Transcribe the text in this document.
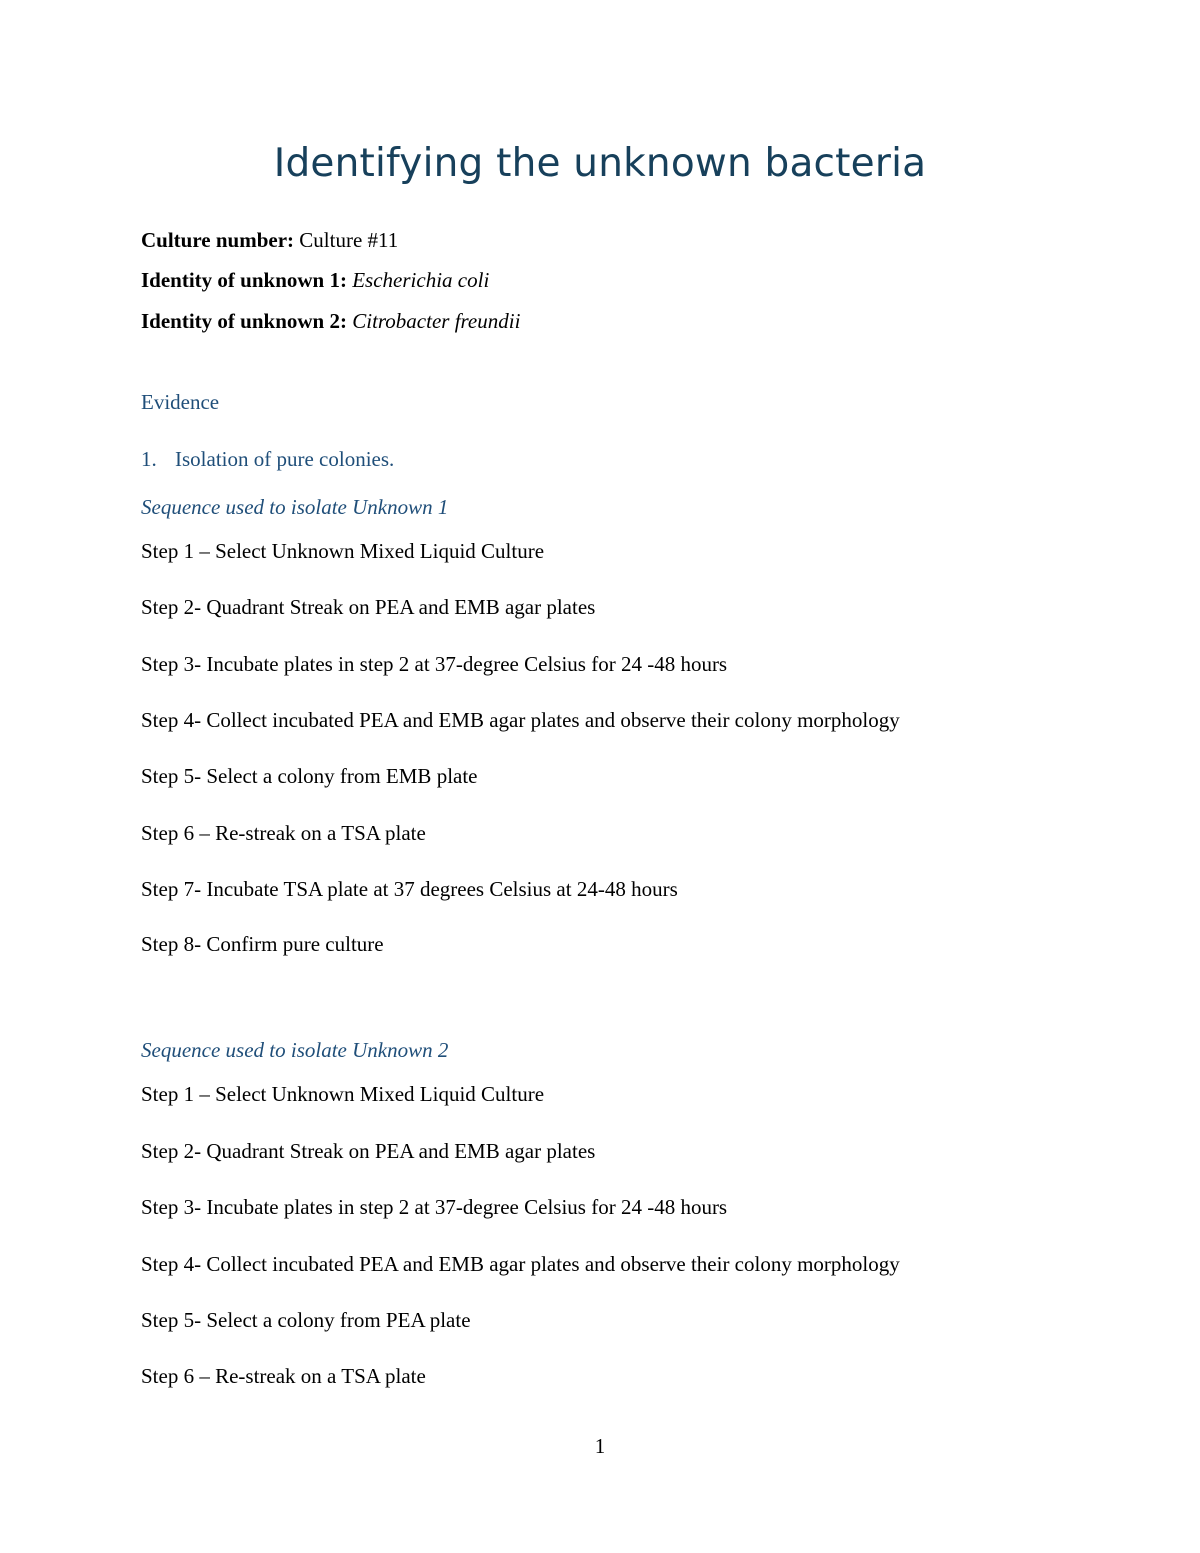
Identifying the unknown bacteria
Culture number: Culture #11
Identity of unknown 1: Escherichia coli
Identity of unknown 2: Citrobacter freundii
Evidence
1. Isolation of pure colonies.
Sequence used to isolate Unknown 1
Step 1 – Select Unknown Mixed Liquid Culture
Step 2- Quadrant Streak on PEA and EMB agar plates
Step 3- Incubate plates in step 2 at 37-degree Celsius for 24 -48 hours
Step 4- Collect incubated PEA and EMB agar plates and observe their colony morphology
Step 5- Select a colony from EMB plate
Step 6 – Re-streak on a TSA plate
Step 7- Incubate TSA plate at 37 degrees Celsius at 24-48 hours
Step 8- Confirm pure culture
Sequence used to isolate Unknown 2
Step 1 – Select Unknown Mixed Liquid Culture
Step 2- Quadrant Streak on PEA and EMB agar plates
Step 3- Incubate plates in step 2 at 37-degree Celsius for 24 -48 hours
Step 4- Collect incubated PEA and EMB agar plates and observe their colony morphology
Step 5- Select a colony from PEA plate
Step 6 – Re-streak on a TSA plate
1
